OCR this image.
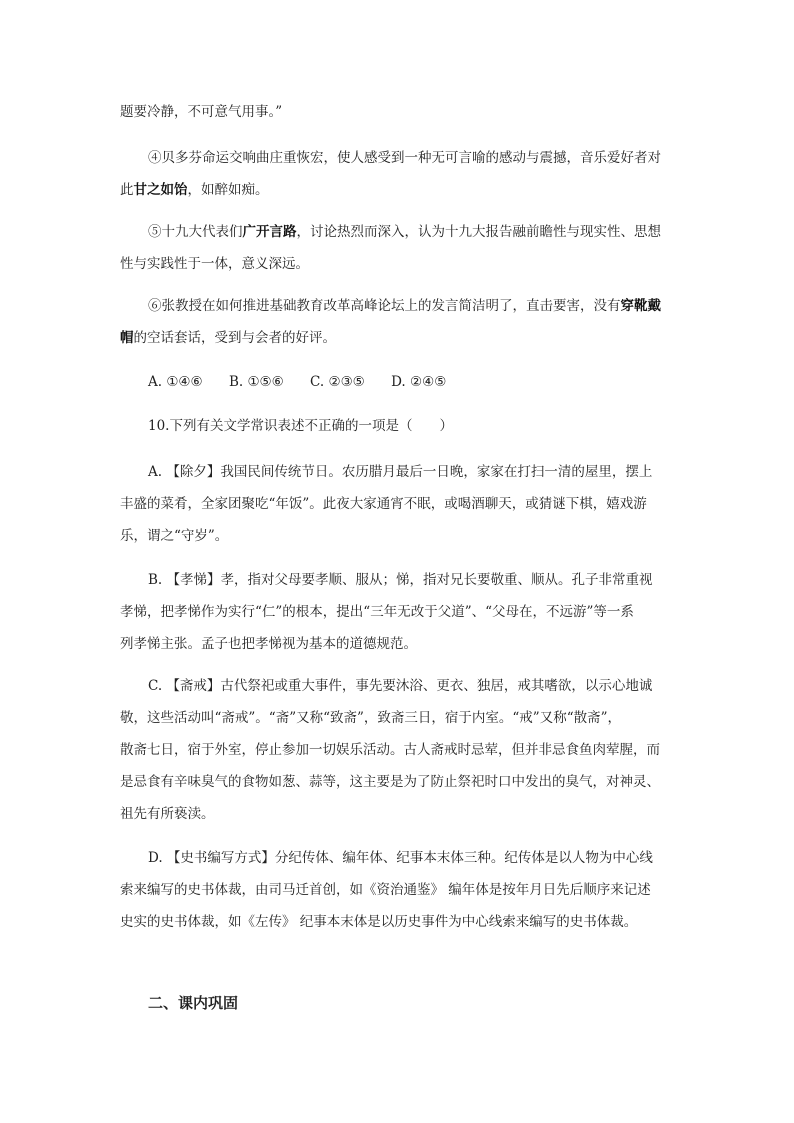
题要冷静，不可意气用事。”

④贝多芬命运交响曲庄重恢宏，使人感受到一种无可言喻的感动与震撼，音乐爱好者对
此甘之如饴，如醉如痴。

⑤十九大代表们广开言路，讨论热烈而深入，认为十九大报告融前瞻性与现实性、思想
性与实践性于一体，意义深远。

⑥张教授在如何推进基础教育改革高峰论坛上的发言简洁明了，直击要害，没有穿靴戴
帽的空话套话，受到与会者的好评。

A. ①④⑥ B. ①⑤⑥ C. ②③⑤ D. ②④⑤

10.下列有关文学常识表述不正确的一项是（　　）

A. 【除夕】我国民间传统节日。农历腊月最后一日晚，家家在打扫一清的屋里，摆上
丰盛的菜肴，全家团聚吃“年饭”。此夜大家通宵不眠，或喝酒聊天，或猜谜下棋，嬉戏游
乐，谓之“守岁”。

B. 【孝悌】孝，指对父母要孝顺、服从；悌，指对兄长要敬重、顺从。孔子非常重视
孝悌，把孝悌作为实行“仁”的根本，提出“三年无改于父道”、“父母在，不远游”等一系
列孝悌主张。孟子也把孝悌视为基本的道德规范。

C. 【斋戒】古代祭祀或重大事件，事先要沐浴、更衣、独居，戒其嗜欲，以示心地诚
敬，这些活动叫“斋戒”。“斋”又称“致斋”，致斋三日，宿于内室。“戒”又称“散斋”，
散斋七日，宿于外室，停止参加一切娱乐活动。古人斋戒时忌荤，但并非忌食鱼肉荤腥，而
是忌食有辛味臭气的食物如葱、蒜等，这主要是为了防止祭祀时口中发出的臭气，对神灵、
祖先有所亵渎。

D. 【史书编写方式】分纪传体、编年体、纪事本末体三种。纪传体是以人物为中心线
索来编写的史书体裁，由司马迁首创，如《资治通鉴》 编年体是按年月日先后顺序来记述
史实的史书体裁，如《左传》 纪事本末体是以历史事件为中心线索来编写的史书体裁。

二、课内巩固
